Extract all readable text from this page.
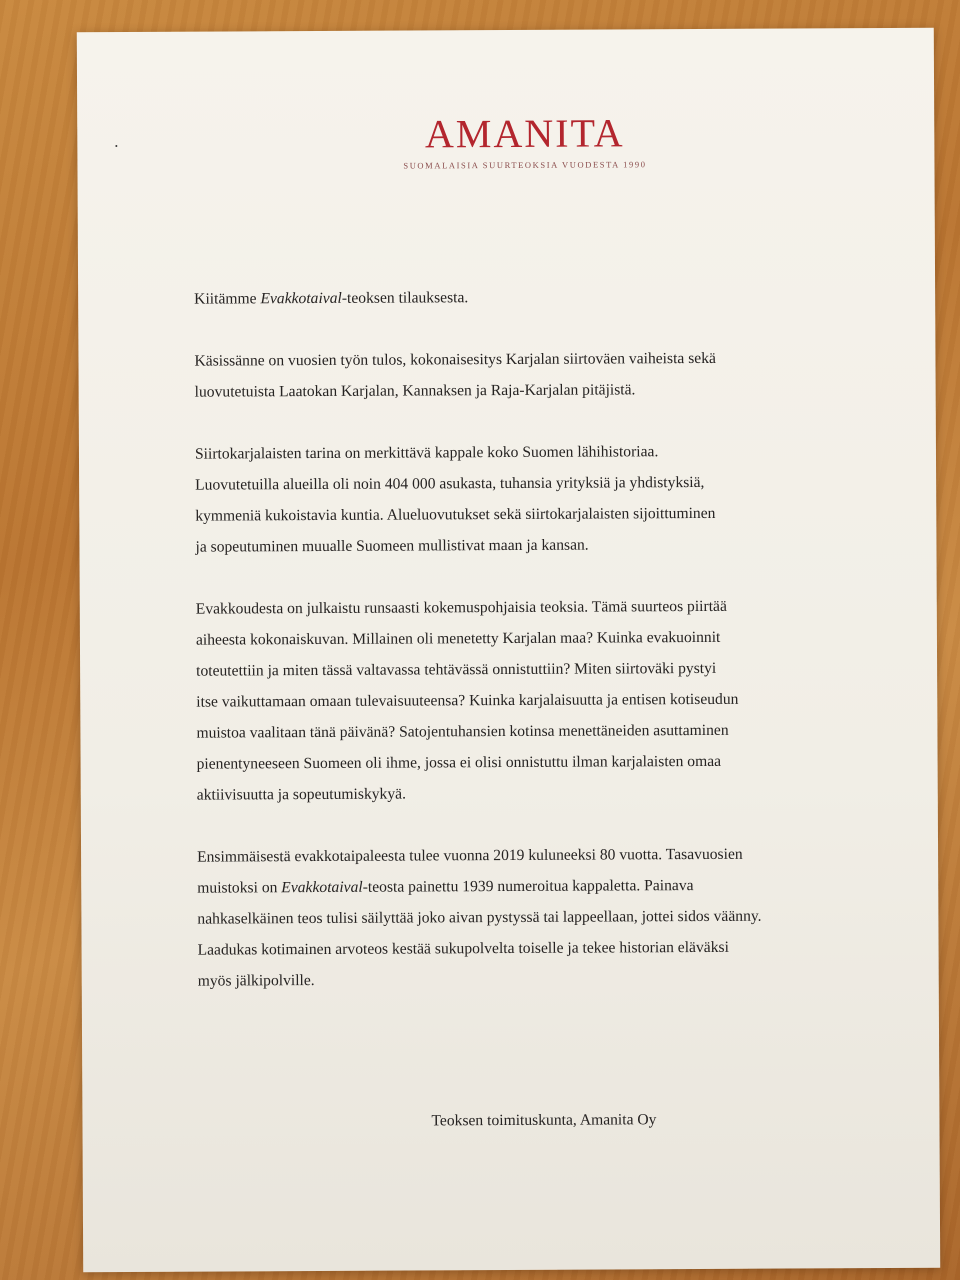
AMANITA
SUOMALAISIA SUURTEOKSIA VUODESTA 1990

Kiitämme Evakkotaival-teoksen tilauksesta.

Käsissänne on vuosien työn tulos, kokonaisesitys Karjalan siirtoväen vaiheista sekä
luovutetuista Laatokan Karjalan, Kannaksen ja Raja-Karjalan pitäjistä.

Siirtokarjalaisten tarina on merkittävä kappale koko Suomen lähihistoriaa.
Luovutetuilla alueilla oli noin 404 000 asukasta, tuhansia yrityksiä ja yhdistyksiä,
kymmeniä kukoistavia kuntia. Alueluovutukset sekä siirtokarjalaisten sijoittuminen
ja sopeutuminen muualle Suomeen mullistivat maan ja kansan.

Evakkoudesta on julkaistu runsaasti kokemuspohjaisia teoksia. Tämä suurteos piirtää
aiheesta kokonaiskuvan. Millainen oli menetetty Karjalan maa? Kuinka evakuoinnit
toteutettiin ja miten tässä valtavassa tehtävässä onnistuttiin? Miten siirtoväki pystyi
itse vaikuttamaan omaan tulevaisuuteensa? Kuinka karjalaisuutta ja entisen kotiseudun
muistoa vaalitaan tänä päivänä? Satojentuhansien kotinsa menettäneiden asuttaminen
pienentyneeseen Suomeen oli ihme, jossa ei olisi onnistuttu ilman karjalaisten omaa
aktiivisuutta ja sopeutumiskykyä.

Ensimmäisestä evakkotaipaleesta tulee vuonna 2019 kuluneeksi 80 vuotta. Tasavuosien
muistoksi on Evakkotaival-teosta painettu 1939 numeroitua kappaletta. Painava
nahkaselkäinen teos tulisi säilyttää joko aivan pystyssä tai lappeellaan, jottei sidos väänny.
Laadukas kotimainen arvoteos kestää sukupolvelta toiselle ja tekee historian eläväksi
myös jälkipolville.

Teoksen toimituskunta, Amanita Oy
